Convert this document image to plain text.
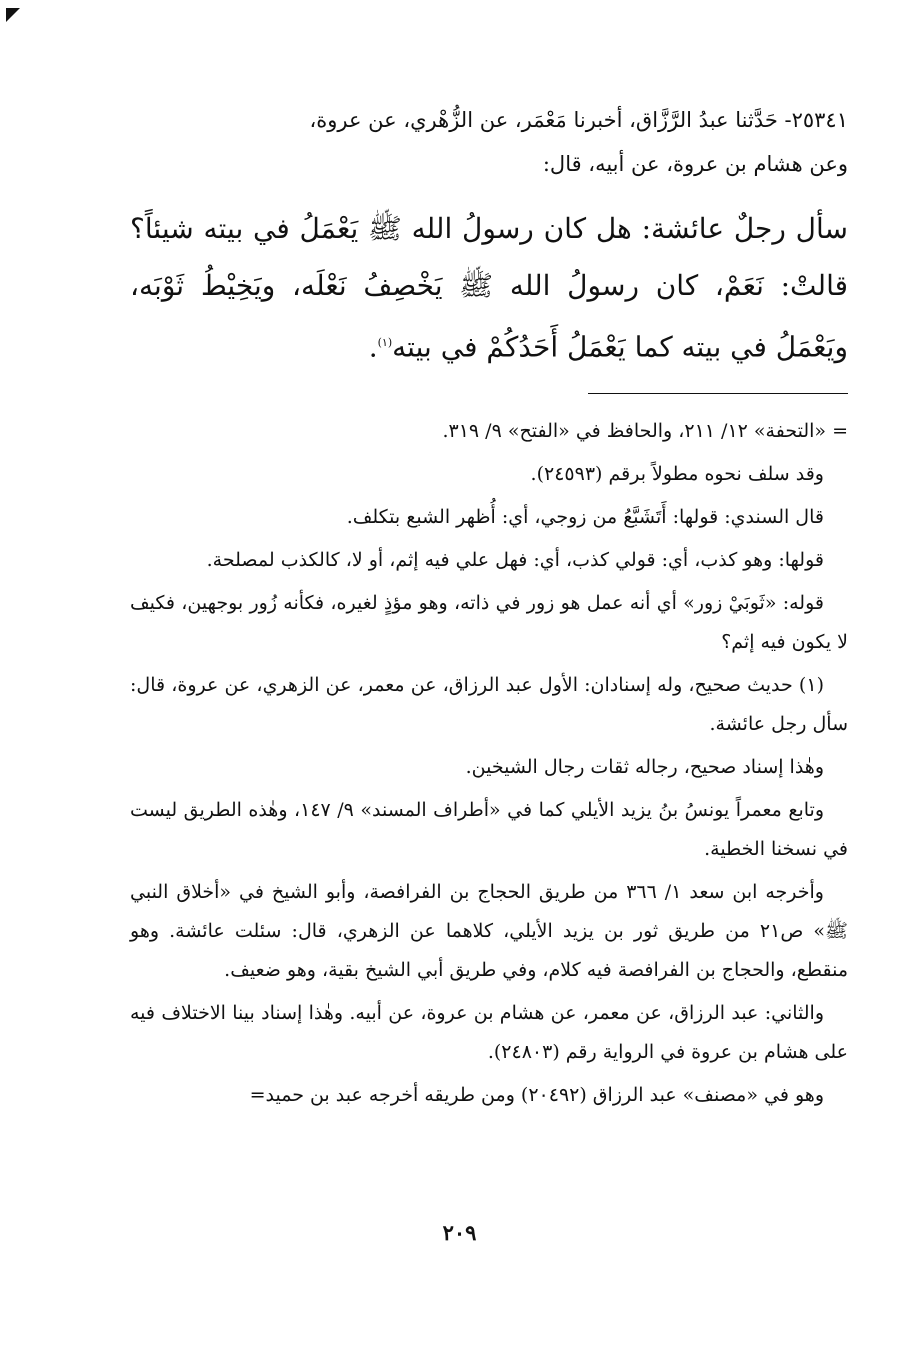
٢٥٣٤١- حَدَّثنا عبدُ الرَّزَّاق، أخبرنا مَعْمَر، عن الزُّهْري، عن عروة،
وعن هشام بن عروة، عن أبيه، قال:

سأل رجلٌ عائشة: هل كان رسولُ الله ﷺ يَعْمَلُ في بيته شيئاً؟ قالتْ: نَعَمْ، كان رسولُ الله ﷺ يَخْصِفُ نَعْلَه، ويَخِيْطُ ثَوْبَه، ويَعْمَلُ في بيته كما يَعْمَلُ أَحَدُكُمْ في بيته$^{(١)}$.

= «التحفة» ١٢/ ٢١١، والحافظ في «الفتح» ٩/ ٣١٩.

وقد سلف نحوه مطولاً برقم (٢٤٥٩٣).

قال السندي: قولها: أَتَشَبَّعُ من زوجي، أي: أُظهر الشبع بتكلف.

قولها: وهو كذب، أي: قولي كذب، أي: فهل علي فيه إثم، أو لا، كالكذب لمصلحة.

قوله: «ثَوبَيْ زور» أي أنه عمل هو زور في ذاته، وهو مؤذٍ لغيره، فكأنه زُور بوجهين، فكيف لا يكون فيه إثم؟

(١) حديث صحيح، وله إسنادان: الأول عبد الرزاق، عن معمر، عن الزهري، عن عروة، قال: سأل رجل عائشة.

وهٰذا إسناد صحيح، رجاله ثقات رجال الشيخين.

وتابع معمراً يونسُ بنُ يزيد الأيلي كما في «أطراف المسند» ٩/ ١٤٧، وهٰذه الطريق ليست في نسخنا الخطية.

وأخرجه ابن سعد ١/ ٣٦٦ من طريق الحجاج بن الفرافصة، وأبو الشيخ في «أخلاق النبي ﷺ» ص٢١ من طريق ثور بن يزيد الأيلي، كلاهما عن الزهري، قال: سئلت عائشة. وهو منقطع، والحجاج بن الفرافصة فيه كلام، وفي طريق أبي الشيخ بقية، وهو ضعيف.

والثاني: عبد الرزاق، عن معمر، عن هشام بن عروة، عن أبيه. وهٰذا إسناد بينا الاختلاف فيه على هشام بن عروة في الرواية رقم (٢٤٨٠٣).

وهو في «مصنف» عبد الرزاق (٢٠٤٩٢) ومن طريقه أخرجه عبد بن حميد=

٢٠٩
